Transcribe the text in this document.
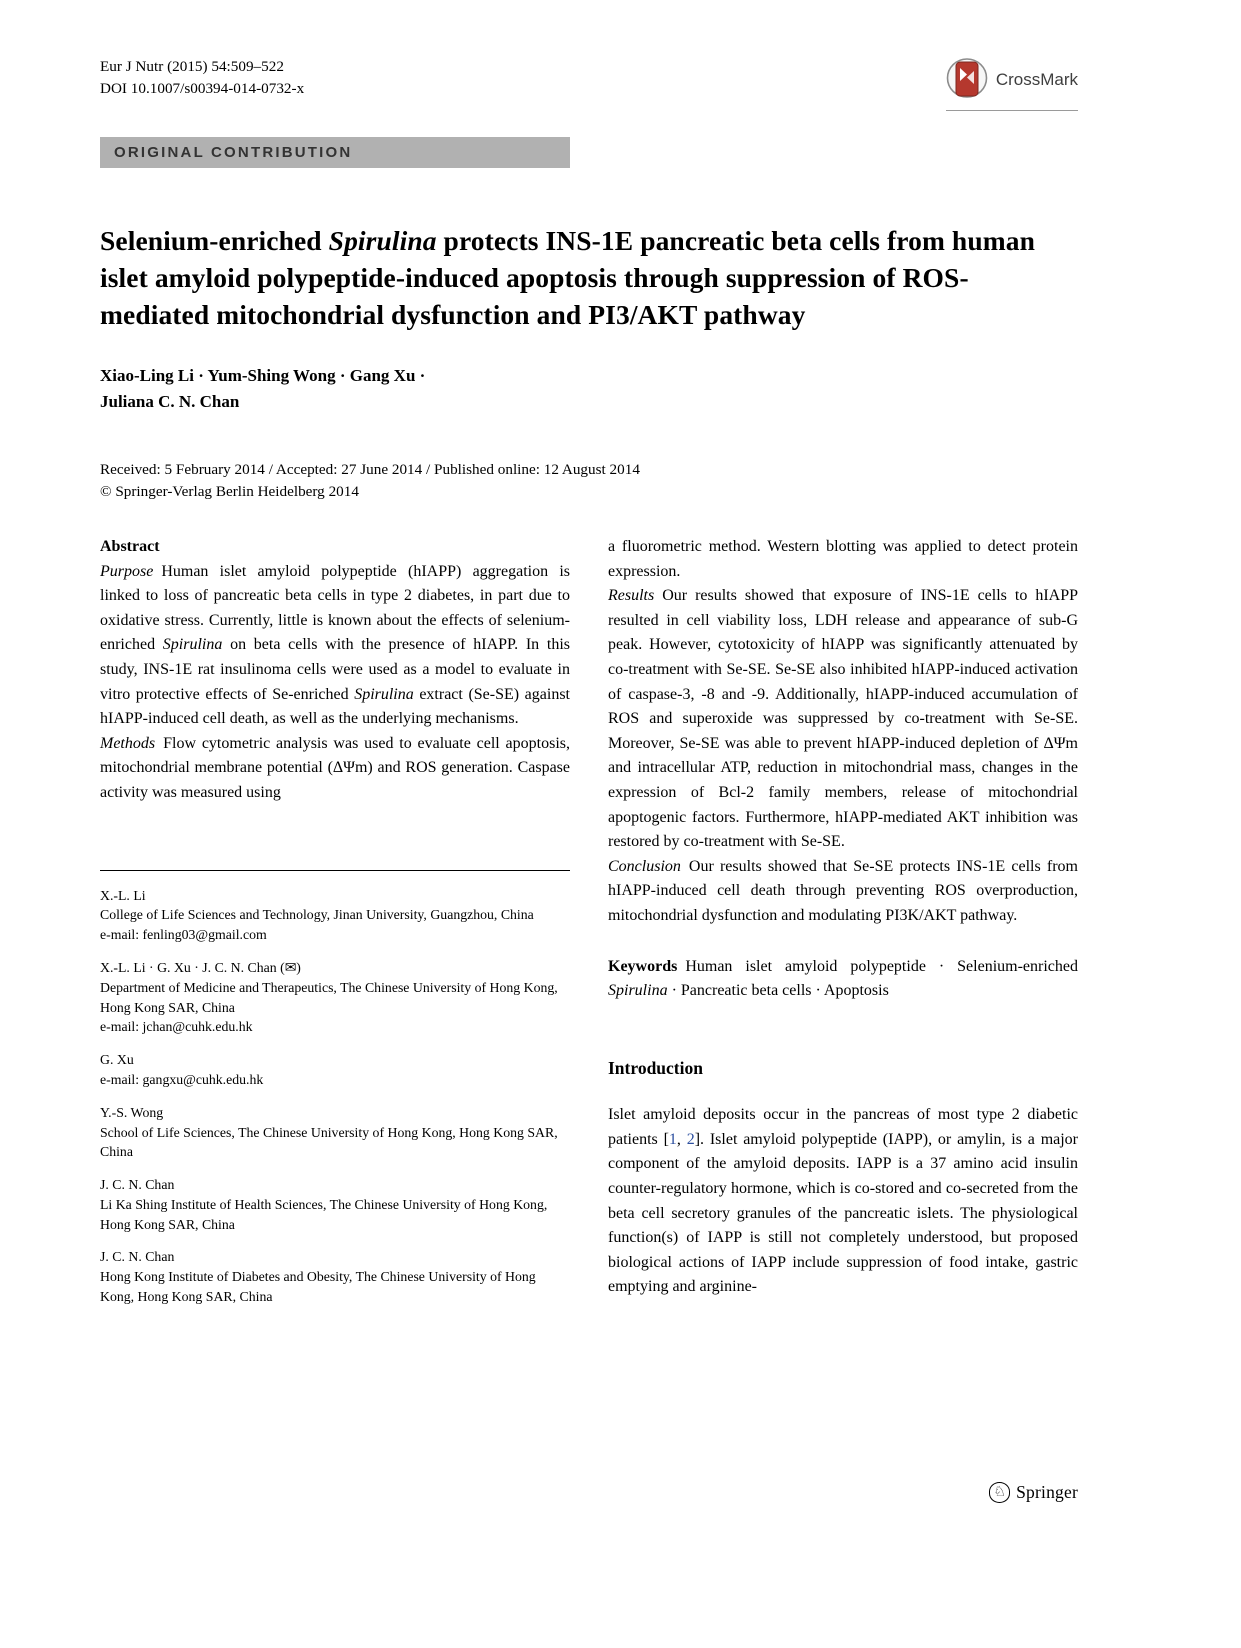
Eur J Nutr (2015) 54:509–522
DOI 10.1007/s00394-014-0732-x	CrossMark
ORIGINAL CONTRIBUTION
Selenium-enriched Spirulina protects INS-1E pancreatic beta cells from human islet amyloid polypeptide-induced apoptosis through suppression of ROS-mediated mitochondrial dysfunction and PI3/AKT pathway
Xiao-Ling Li · Yum-Shing Wong · Gang Xu ·
Juliana C. N. Chan
Received: 5 February 2014 / Accepted: 27 June 2014 / Published online: 12 August 2014
© Springer-Verlag Berlin Heidelberg 2014
Abstract

Purpose Human islet amyloid polypeptide (hIAPP) aggregation is linked to loss of pancreatic beta cells in type 2 diabetes, in part due to oxidative stress. Currently, little is known about the effects of selenium-enriched Spirulina on beta cells with the presence of hIAPP. In this study, INS-1E rat insulinoma cells were used as a model to evaluate in vitro protective effects of Se-enriched Spirulina extract (Se-SE) against hIAPP-induced cell death, as well as the underlying mechanisms.

Methods Flow cytometric analysis was used to evaluate cell apoptosis, mitochondrial membrane potential (ΔΨm) and ROS generation. Caspase activity was measured using

X.-L. Li
College of Life Sciences and Technology, Jinan University, Guangzhou, China
e-mail: fenling03@gmail.com
X.-L. Li · G. Xu · J. C. N. Chan (✉)
Department of Medicine and Therapeutics, The Chinese University of Hong Kong, Hong Kong SAR, China
e-mail: jchan@cuhk.edu.hk
G. Xu
e-mail: gangxu@cuhk.edu.hk
Y.-S. Wong
School of Life Sciences, The Chinese University of Hong Kong, Hong Kong SAR, China
J. C. N. Chan
Li Ka Shing Institute of Health Sciences, The Chinese University of Hong Kong, Hong Kong SAR, China
J. C. N. Chan
Hong Kong Institute of Diabetes and Obesity, The Chinese University of Hong Kong, Hong Kong SAR, China

a fluorometric method. Western blotting was applied to detect protein expression.

Results Our results showed that exposure of INS-1E cells to hIAPP resulted in cell viability loss, LDH release and appearance of sub-G peak. However, cytotoxicity of hIAPP was significantly attenuated by co-treatment with Se-SE. Se-SE also inhibited hIAPP-induced activation of caspase-3, -8 and -9. Additionally, hIAPP-induced accumulation of ROS and superoxide was suppressed by co-treatment with Se-SE. Moreover, Se-SE was able to prevent hIAPP-induced depletion of ΔΨm and intracellular ATP, reduction in mitochondrial mass, changes in the expression of Bcl-2 family members, release of mitochondrial apoptogenic factors. Furthermore, hIAPP-mediated AKT inhibition was restored by co-treatment with Se-SE.

Conclusion Our results showed that Se-SE protects INS-1E cells from hIAPP-induced cell death through preventing ROS overproduction, mitochondrial dysfunction and modulating PI3K/AKT pathway.

Keywords Human islet amyloid polypeptide · Selenium-enriched Spirulina · Pancreatic beta cells · Apoptosis

Introduction

Islet amyloid deposits occur in the pancreas of most type 2 diabetic patients [1, 2]. Islet amyloid polypeptide (IAPP), or amylin, is a major component of the amyloid deposits. IAPP is a 37 amino acid insulin counter-regulatory hormone, which is co-stored and co-secreted from the beta cell secretory granules of the pancreatic islets. The physiological function(s) of IAPP is still not completely understood, but proposed biological actions of IAPP include suppression of food intake, gastric emptying and arginine-

♘ Springer
